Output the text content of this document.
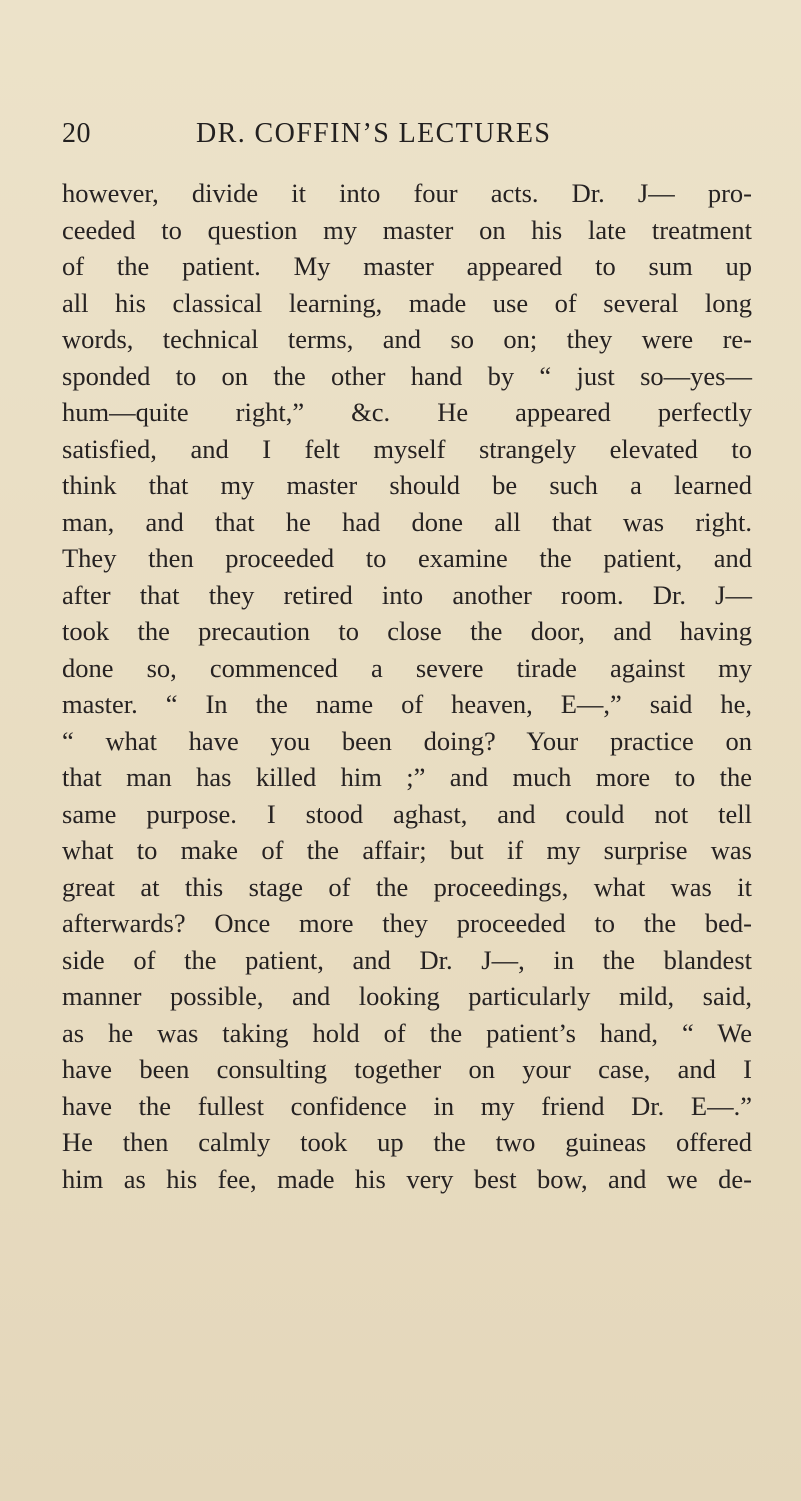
20	DR. COFFIN’S LECTURES
however, divide it into four acts. Dr. J— pro-
ceeded to question my master on his late treatment
of the patient. My master appeared to sum up
all his classical learning, made use of several long
words, technical terms, and so on; they were re-
sponded to on the other hand by “ just so—yes—
hum—quite right,” &c. He appeared perfectly
satisfied, and I felt myself strangely elevated to
think that my master should be such a learned
man, and that he had done all that was right.
They then proceeded to examine the patient, and
after that they retired into another room. Dr. J—
took the precaution to close the door, and having
done so, commenced a severe tirade against my
master. “ In the name of heaven, E—,” said he,
“ what have you been doing? Your practice on
that man has killed him ;” and much more to the
same purpose. I stood aghast, and could not tell
what to make of the affair; but if my surprise was
great at this stage of the proceedings, what was it
afterwards? Once more they proceeded to the bed-
side of the patient, and Dr. J—, in the blandest
manner possible, and looking particularly mild, said,
as he was taking hold of the patient’s hand, “ We
have been consulting together on your case, and I
have the fullest confidence in my friend Dr. E—.”
He then calmly took up the two guineas offered
him as his fee, made his very best bow, and we de-
